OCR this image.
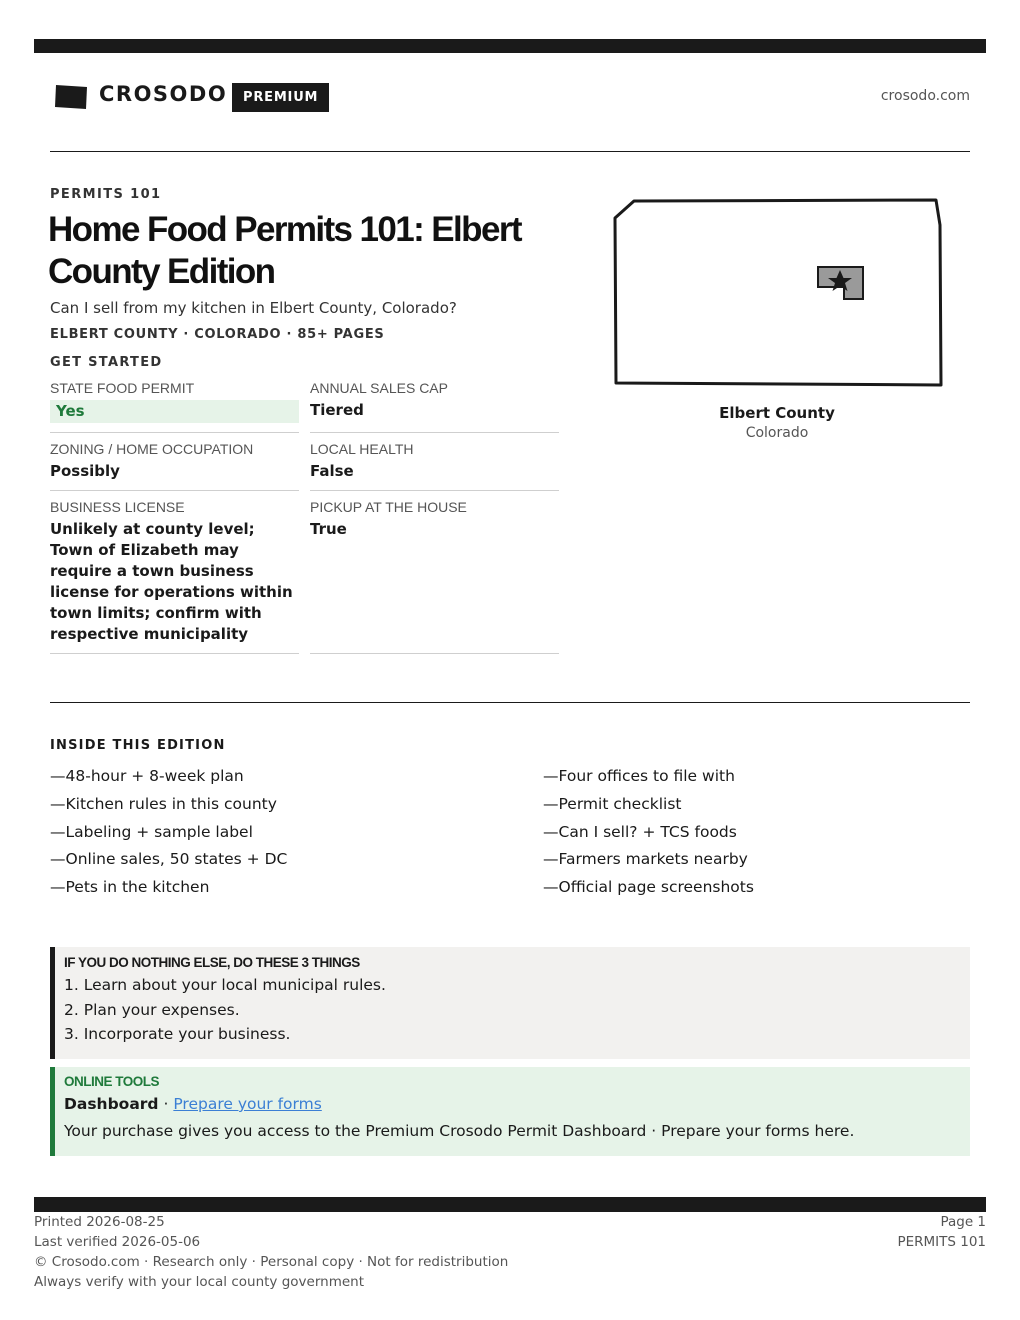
CROSODO	PREMIUM	crosodo.com
PERMITS 101
Home Food Permits 101: Elbert County Edition
Can I sell from my kitchen in Elbert County, Colorado?
ELBERT COUNTY · COLORADO · 85+ PAGES
GET STARTED
STATE FOOD PERMIT
Yes
ANNUAL SALES CAP
Tiered
ZONING / HOME OCCUPATION
Possibly
LOCAL HEALTH
False
BUSINESS LICENSE
Unlikely at county level; Town of Elizabeth may require a town business license for operations within town limits; confirm with respective municipality
PICKUP AT THE HOUSE
True
Elbert County
Colorado
INSIDE THIS EDITION
—48-hour + 8-week plan
—Kitchen rules in this county
—Labeling + sample label
—Online sales, 50 states + DC
—Pets in the kitchen
—Four offices to file with
—Permit checklist
—Can I sell? + TCS foods
—Farmers markets nearby
—Official page screenshots
IF YOU DO NOTHING ELSE, DO THESE 3 THINGS
1. Learn about your local municipal rules.
2. Plan your expenses.
3. Incorporate your business.
ONLINE TOOLS
Dashboard · Prepare your forms
Your purchase gives you access to the Premium Crosodo Permit Dashboard · Prepare your forms here.
Printed 2026-08-25
Last verified 2026-05-06
© Crosodo.com · Research only · Personal copy · Not for redistribution
Always verify with your local county government
Page 1
PERMITS 101
